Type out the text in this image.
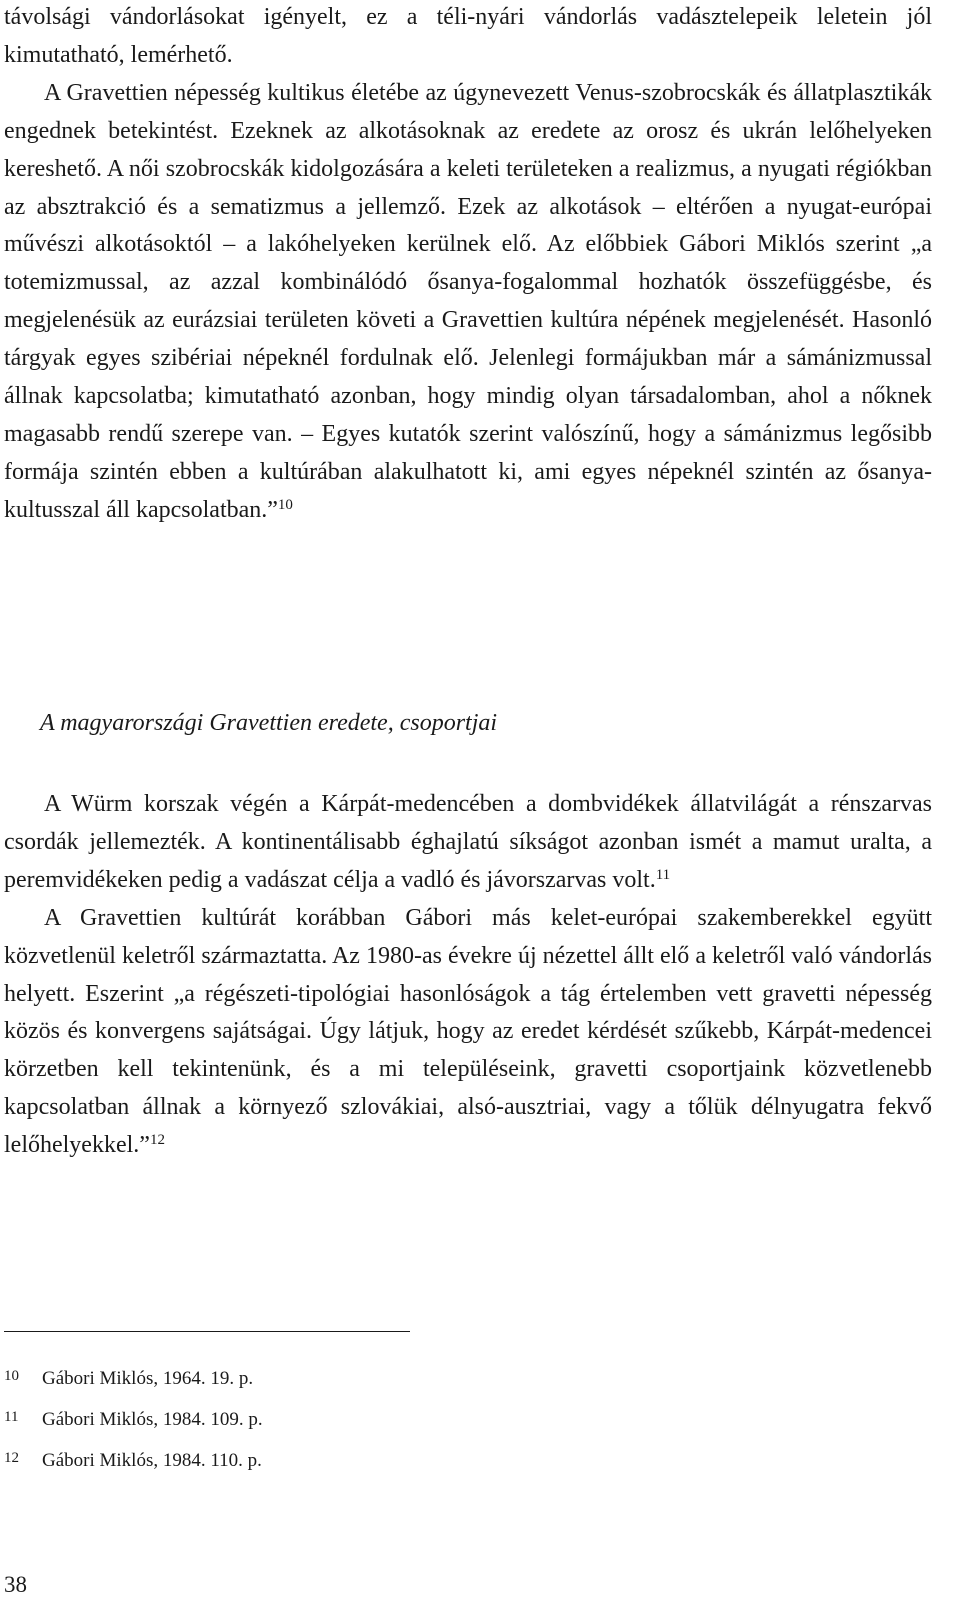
távolsági vándorlásokat igényelt, ez a téli-nyári vándorlás vadásztelepeik leletein jól kimutatható, lemérhető.

A Gravettien népesség kultikus életébe az úgynevezett Venus-szobrocskák és állatplasztikák engednek betekintést. Ezeknek az alkotásoknak az eredete az orosz és ukrán lelőhelyeken kereshető. A női szobrocskák kidolgozására a keleti területeken a realizmus, a nyugati régiókban az absztrakció és a sematizmus a jellemző. Ezek az alkotások – eltérően a nyugat-európai művészi alkotásoktól – a lakóhelyeken kerülnek elő. Az előbbiek Gábori Miklós szerint „a totemizmussal, az azzal kombinálódó ősanya-fogalommal hozhatók összefüggésbe, és megjelenésük az eurázsiai területen követi a Gravettien kultúra népének megjelenését. Hasonló tárgyak egyes szibériai népeknél fordulnak elő. Jelenlegi formájukban már a sámánizmussal állnak kapcsolatba; kimutatható azonban, hogy mindig olyan társadalomban, ahol a nőknek magasabb rendű szerepe van. – Egyes kutatók szerint valószínű, hogy a sámánizmus legősibb formája szintén ebben a kultúrában alakulhatott ki, ami egyes népeknél szintén az ősanya-kultusszal áll kapcsolatban.”$^{10}$

A magyarországi Gravettien eredete, csoportjai

A Würm korszak végén a Kárpát-medencében a dombvidékek állatvilágát a rénszarvas csordák jellemezték. A kontinentálisabb éghajlatú síkságot azonban ismét a mamut uralta, a peremvidékeken pedig a vadászat célja a vadló és jávorszarvas volt.$^{11}$

A Gravettien kultúrát korábban Gábori más kelet-európai szakemberekkel együtt közvetlenül keletről származtatta. Az 1980-as évekre új nézettel állt elő a keletről való vándorlás helyett. Eszerint „a régészeti-tipológiai hasonlóságok a tág értelemben vett gravetti népesség közös és konvergens sajátságai. Úgy látjuk, hogy az eredet kérdését szűkebb, Kárpát-medencei körzetben kell tekintenünk, és a mi településeink, gravetti csoportjaink közvetlenebb kapcsolatban állnak a környező szlovákiai, alsó-ausztriai, vagy a tőlük délnyugatra fekvő lelőhelyekkel.”$^{12}$

10	Gábori Miklós, 1964. 19. p.
11	Gábori Miklós, 1984. 109. p.
12	Gábori Miklós, 1984. 110. p.
38
